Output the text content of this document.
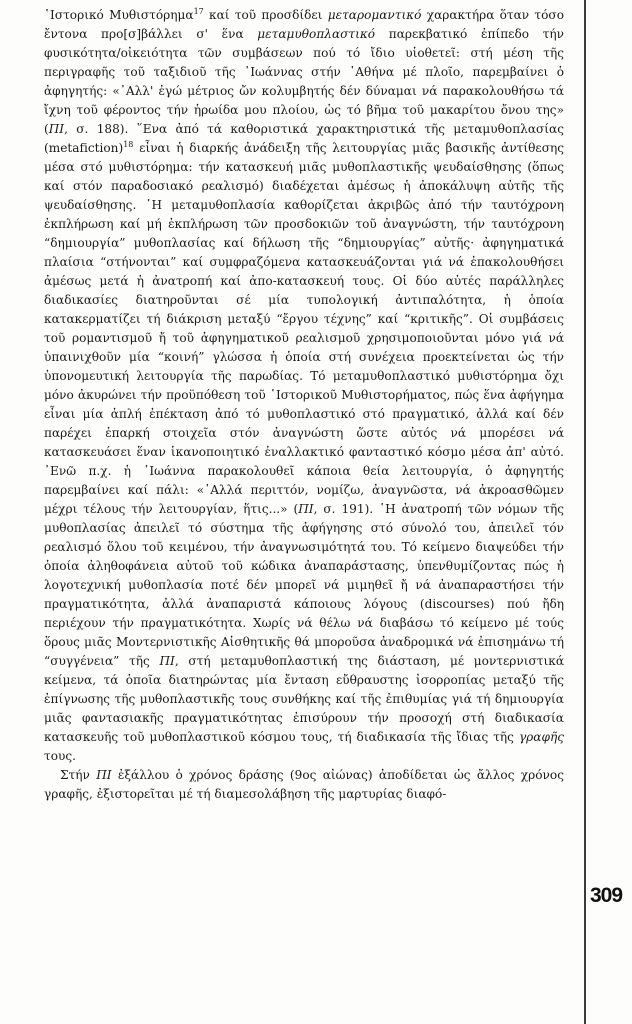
῾Ιστορικό Μυθιστόρημα$^{17}$ καί τοῦ προσδίδει μεταρομαντικό χαρακτήρα ὅταν τόσο ἔντονα προ[σ]βάλλει σ' ἕνα μεταμυθοπλαστικό παρεκβατικό ἐπίπεδο τήν φυσικότητα/οἰκειότητα τῶν συμβάσεων πού τό ἴδιο υἱοθετεῖ: στή μέση τῆς περιγραφῆς τοῦ ταξιδιοῦ τῆς ᾽Ιωάννας στήν ᾽Αθήνα μέ πλοῖο, παρεμβαίνει ὁ ἀφηγητής: «᾽Αλλ' ἐγώ μέτριος ὤν κολυμβητής δέν δύναμαι νά παρακολουθήσω τά ἴχνη τοῦ φέροντος τήν ἡρωίδα μου πλοίου, ὡς τό βῆμα τοῦ μακαρίτου ὄνου της» (ΠΙ, σ. 188). ῞Ενα ἀπό τά καθοριστικά χαρακτηριστικά τῆς μεταμυθοπλασίας (metafiction)$^{18}$ εἶναι ἡ διαρκής ἀνάδειξη τῆς λειτουργίας μιᾶς βασικῆς ἀντίθεσης μέσα στό μυθιστόρημα: τήν κατασκευή μιᾶς μυθοπλαστικῆς ψευδαίσθησης (ὅπως καί στόν παραδοσιακό ρεαλισμό) διαδέχεται ἀμέσως ἡ ἀποκάλυψη αὐτῆς τῆς ψευδαίσθησης. ῾Η μεταμυθοπλασία καθορίζεται ἀκριβῶς ἀπό τήν ταυτόχρονη ἐκπλήρωση καί μή ἐκπλήρωση τῶν προσδοκιῶν τοῦ ἀναγνώστη, τήν ταυτόχρονη “δημιουργία” μυθοπλασίας καί δήλωση τῆς “δημιουργίας” αὐτῆς· ἀφηγηματικά πλαίσια “στήνονται” καί συμφραζόμενα κατασκευάζονται γιά νά ἐπακολουθήσει ἀμέσως μετά ἡ ἀνατροπή καί ἀπο-κατασκευή τους. Οἱ δύο αὐτές παράλληλες διαδικασίες διατηροῦνται σέ μία τυπολογική ἀντιπαλότητα, ἡ ὁποία κατακερματίζει τή διάκριση μεταξύ “ἔργου τέχνης” καί “κριτικῆς”. Οἱ συμβάσεις τοῦ ρομαντισμοῦ ἤ τοῦ ἀφηγηματικοῦ ρεαλισμοῦ χρησιμοποιοῦνται μόνο γιά νά ὑπαινιχθοῦν μία “κοινή” γλώσσα ἡ ὁποία στή συνέχεια προεκτείνεται ὡς τήν ὑπονομευτική λειτουργία τῆς παρωδίας. Τό μεταμυθοπλαστικό μυθιστόρημα ὄχι μόνο ἀκυρώνει τήν προϋπόθεση τοῦ ῾Ιστορικοῦ Μυθιστορήματος, πώς ἕνα ἀφήγημα εἶναι μία ἁπλή ἐπέκταση ἀπό τό μυθοπλαστικό στό πραγματικό, ἀλλά καί δέν παρέχει ἐπαρκή στοιχεῖα στόν ἀναγνώστη ὥστε αὐτός νά μπορέσει νά κατασκευάσει ἕναν ἱκανοποιητικό ἐναλλακτικό φανταστικό κόσμο μέσα ἀπ' αὐτό. ᾽Ενῶ π.χ. ἡ ᾽Ιωάννα παρακολουθεῖ κάποια θεία λειτουργία, ὁ ἀφηγητής παρεμβαίνει καί πάλι: «᾽Αλλά περιττόν, νομίζω, ἀναγνῶστα, νά ἀκροασθῶμεν μέχρι τέλους τήν λειτουργίαν, ἥτις...» (ΠΙ, σ. 191). ῾Η ἀνατροπή τῶν νόμων τῆς μυθοπλασίας ἀπειλεῖ τό σύστημα τῆς ἀφήγησης στό σύνολό του, ἀπειλεῖ τόν ρεαλισμό ὅλου τοῦ κειμένου, τήν ἀναγνωσιμότητά του. Τό κείμενο διαψεύδει τήν ὁποία ἀληθοφάνεια αὐτοῦ τοῦ κώδικα ἀναπαράστασης, ὑπενθυμίζοντας πώς ἡ λογοτεχνική μυθοπλασία ποτέ δέν μπορεῖ νά μιμηθεῖ ἤ νά ἀναπαραστήσει τήν πραγματικότητα, ἀλλά ἀναπαριστά κάποιους λόγους (discourses) πού ἤδη περιέχουν τήν πραγματικότητα. Χωρίς νά θέλω νά διαβάσω τό κείμενο μέ τούς ὅρους μιᾶς Μοντερνιστικῆς Αἰσθητικῆς θά μποροῦσα ἀναδρομικά νά ἐπισημάνω τή “συγγένεια” τῆς ΠΙ, στή μεταμυθοπλαστική της διάσταση, μέ μοντερνιστικά κείμενα, τά ὁποῖα διατηρώντας μία ἔνταση εὔθραυστης ἰσορροπίας μεταξύ τῆς ἐπίγνωσης τῆς μυθοπλαστικῆς τους συνθήκης καί τῆς ἐπιθυμίας γιά τή δημιουργία μιᾶς φαντασιακῆς πραγματικότητας ἐπισύρουν τήν προσοχή στή διαδικασία κατασκευῆς τοῦ μυθοπλαστικοῦ κόσμου τους, τή διαδικασία τῆς ἴδιας τῆς γραφῆς τους.

Στήν ΠΙ ἐξάλλου ὁ χρόνος δράσης (9ος αἰώνας) ἀποδίδεται ὡς ἄλλος χρόνος γραφῆς, ἐξιστορεῖται μέ τή διαμεσολάβηση τῆς μαρτυρίας διαφό-

309
